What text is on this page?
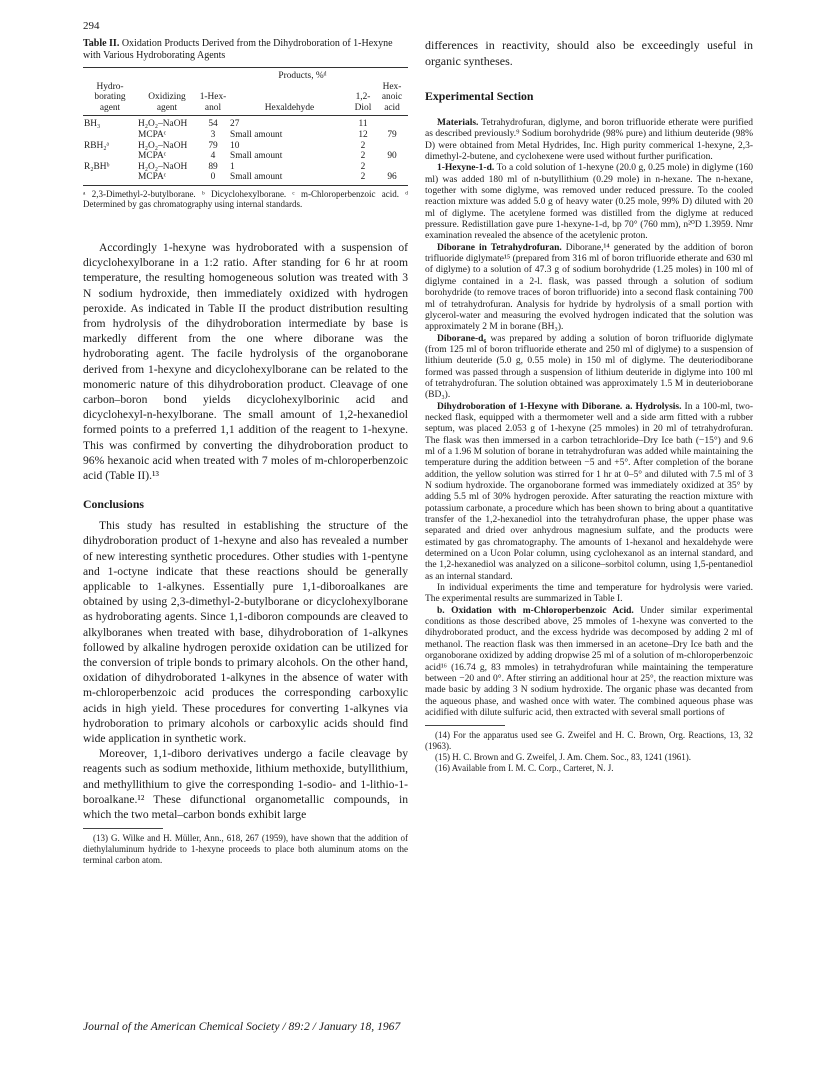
294

Table II. Oxidation Products Derived from the Dihydroboration of 1-Hexyne with Various Hydroborating Agents

		Products, %ᵈ			
Hydro-borating agent	Oxidizing agent	1-Hex-anol	Hexaldehyde	1,2-Diol	Hex-anoic acid
BH₃	H₂O₂–NaOH	54	27	11	
	MCPAᶜ	3	Small amount	12	79
RBH₂ᵃ	H₂O₂–NaOH	79	10	2	
	MCPAᶜ	4	Small amount	2	90
R₂BHᵇ	H₂O₂–NaOH	89	1	2	
	MCPAᶜ	0	Small amount	2	96

ᵃ 2,3-Dimethyl-2-butylborane. ᵇ Dicyclohexylborane. ᶜ m-Chloroperbenzoic acid. ᵈ Determined by gas chromatography using internal standards.

Accordingly 1-hexyne was hydroborated with a suspension of dicyclohexylborane in a 1:2 ratio. After standing for 6 hr at room temperature, the resulting homogeneous solution was treated with 3 N sodium hydroxide, then immediately oxidized with hydrogen peroxide. As indicated in Table II the product distribution resulting from hydrolysis of the dihydroboration intermediate by base is markedly different from the one where diborane was the hydroborating agent. The facile hydrolysis of the organoborane derived from 1-hexyne and dicyclohexylborane can be related to the monomeric nature of this dihydroboration product. Cleavage of one carbon–boron bond yields dicyclohexylborinic acid and dicyclohexyl-n-hexylborane. The small amount of 1,2-hexanediol formed points to a preferred 1,1 addition of the reagent to 1-hexyne. This was confirmed by converting the dihydroboration product to 96% hexanoic acid when treated with 7 moles of m-chloroperbenzoic acid (Table II).¹³

Conclusions

This study has resulted in establishing the structure of the dihydroboration product of 1-hexyne and also has revealed a number of new interesting synthetic procedures. Other studies with 1-pentyne and 1-octyne indicate that these reactions should be generally applicable to 1-alkynes. Essentially pure 1,1-diboroalkanes are obtained by using 2,3-dimethyl-2-butylborane or dicyclohexylborane as hydroborating agents. Since 1,1-diboron compounds are cleaved to alkylboranes when treated with base, dihydroboration of 1-alkynes followed by alkaline hydrogen peroxide oxidation can be utilized for the conversion of triple bonds to primary alcohols. On the other hand, oxidation of dihydroborated 1-alkynes in the absence of water with m-chloroperbenzoic acid produces the corresponding carboxylic acids in high yield. These procedures for converting 1-alkynes via hydroboration to primary alcohols or carboxylic acids should find wide application in synthetic work.

Moreover, 1,1-diboro derivatives undergo a facile cleavage by reagents such as sodium methoxide, lithium methoxide, butyllithium, and methyllithium to give the corresponding 1-sodio- and 1-lithio-1-boroalkane.¹² These difunctional organometallic compounds, in which the two metal–carbon bonds exhibit large

(13) G. Wilke and H. Müller, Ann., 618, 267 (1959), have shown that the addition of diethylaluminum hydride to 1-hexyne proceeds to place both aluminum atoms on the terminal carbon atom.

differences in reactivity, should also be exceedingly useful in organic syntheses.

Experimental Section

Materials. Tetrahydrofuran, diglyme, and boron trifluoride etherate were purified as described previously.⁹ Sodium borohydride (98% pure) and lithium deuteride (98% D) were obtained from Metal Hydrides, Inc. High purity commerical 1-hexyne, 2,3-dimethyl-2-butene, and cyclohexene were used without further purification.

1-Hexyne-1-d. To a cold solution of 1-hexyne (20.0 g, 0.25 mole) in diglyme (160 ml) was added 180 ml of n-butyllithium (0.29 mole) in n-hexane. The n-hexane, together with some diglyme, was removed under reduced pressure. To the cooled reaction mixture was added 5.0 g of heavy water (0.25 mole, 99% D) diluted with 20 ml of diglyme. The acetylene formed was distilled from the diglyme at reduced pressure. Redistillation gave pure 1-hexyne-1-d, bp 70° (760 mm), n²⁰D 1.3959. Nmr examination revealed the absence of the acetylenic proton.

Diborane in Tetrahydrofuran. Diborane,¹⁴ generated by the addition of boron trifluoride diglymate¹⁵ (prepared from 316 ml of boron trifluoride etherate and 630 ml of diglyme) to a solution of 47.3 g of sodium borohydride (1.25 moles) in 100 ml of diglyme contained in a 2-l. flask, was passed through a solution of sodium borohydride (to remove traces of boron trifluoride) into a second flask containing 700 ml of tetrahydrofuran. Analysis for hydride by hydrolysis of a small portion with glycerol-water and measuring the evolved hydrogen indicated that the solution was approximately 2 M in borane (BH₃).

Diborane-d₆ was prepared by adding a solution of boron trifluoride diglymate (from 125 ml of boron trifluoride etherate and 250 ml of diglyme) to a suspension of lithium deuteride (5.0 g, 0.55 mole) in 150 ml of diglyme. The deuteriodiborane formed was passed through a suspension of lithium deuteride in diglyme into 100 ml of tetrahydrofuran. The solution obtained was approximately 1.5 M in deuterioborane (BD₃).

Dihydroboration of 1-Hexyne with Diborane. a. Hydrolysis. In a 100-ml, two-necked flask, equipped with a thermometer well and a side arm fitted with a rubber septum, was placed 2.053 g of 1-hexyne (25 mmoles) in 20 ml of tetrahydrofuran. The flask was then immersed in a carbon tetrachloride–Dry Ice bath (−15°) and 9.6 ml of a 1.96 M solution of borane in tetrahydrofuran was added while maintaining the temperature during the addition between −5 and +5°. After completion of the borane addition, the yellow solution was stirred for 1 hr at 0–5° and diluted with 7.5 ml of 3 N sodium hydroxide. The organoborane formed was immediately oxidized at 35° by adding 5.5 ml of 30% hydrogen peroxide. After saturating the reaction mixture with potassium carbonate, a procedure which has been shown to bring about a quantitative transfer of the 1,2-hexanediol into the tetrahydrofuran phase, the upper phase was separated and dried over anhydrous magnesium sulfate, and the products were estimated by gas chromatography. The amounts of 1-hexanol and hexaldehyde were determined on a Ucon Polar column, using cyclohexanol as an internal standard, and the 1,2-hexanediol was analyzed on a silicone–sorbitol column, using 1,5-pentanediol as an internal standard.

In individual experiments the time and temperature for hydrolysis were varied. The experimental results are summarized in Table I.

b. Oxidation with m-Chloroperbenzoic Acid. Under similar experimental conditions as those described above, 25 mmoles of 1-hexyne was converted to the dihydroborated product, and the excess hydride was decomposed by adding 2 ml of methanol. The reaction flask was then immersed in an acetone–Dry Ice bath and the organoborane oxidized by adding dropwise 25 ml of a solution of m-chloroperbenzoic acid¹⁶ (16.74 g, 83 mmoles) in tetrahydrofuran while maintaining the temperature between −20 and 0°. After stirring an additional hour at 25°, the reaction mixture was made basic by adding 3 N sodium hydroxide. The organic phase was decanted from the aqueous phase, and washed once with water. The combined aqueous phase was acidified with dilute sulfuric acid, then extracted with several small portions of

(14) For the apparatus used see G. Zweifel and H. C. Brown, Org. Reactions, 13, 32 (1963).

(15) H. C. Brown and G. Zweifel, J. Am. Chem. Soc., 83, 1241 (1961).

(16) Available from I. M. C. Corp., Carteret, N. J.

Journal of the American Chemical Society / 89:2 / January 18, 1967
